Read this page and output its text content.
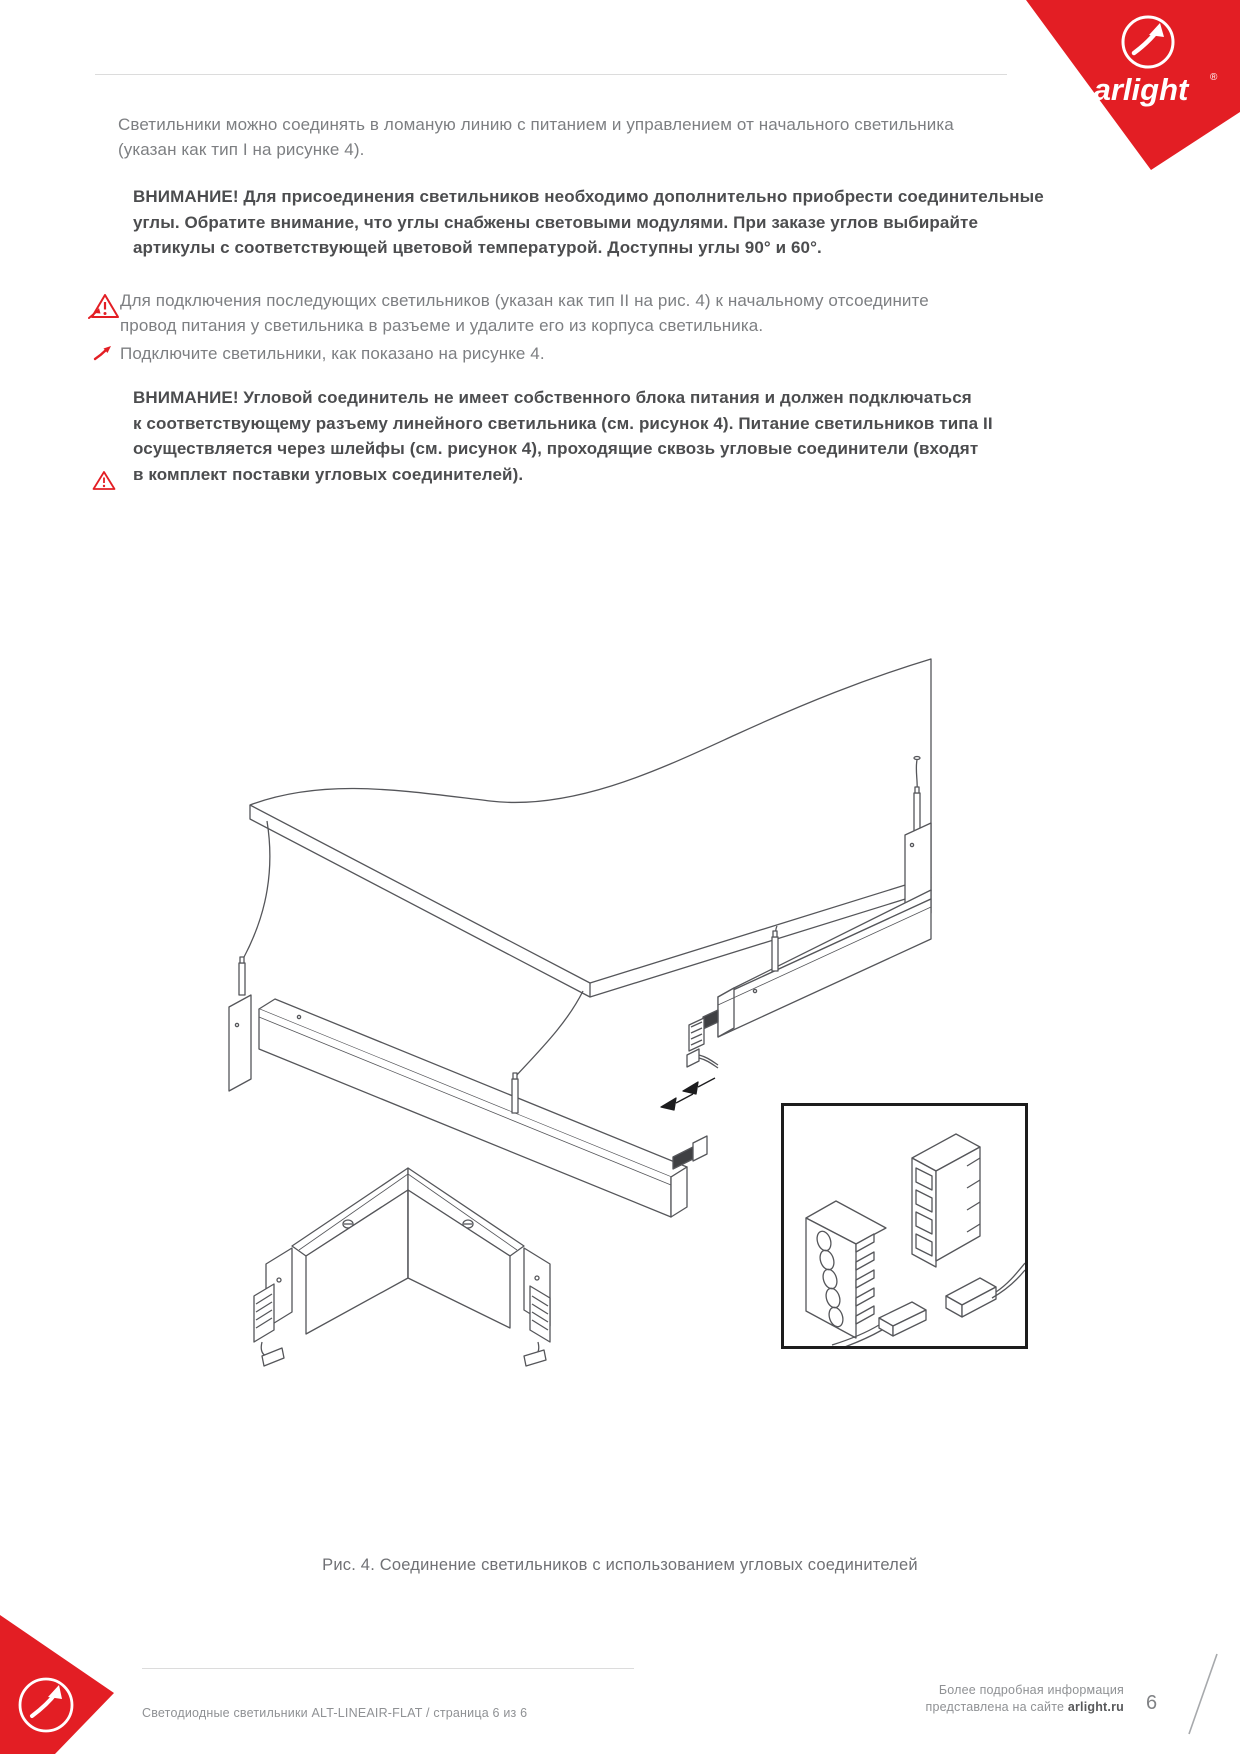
arlight ®
Светильники можно соединять в ломаную линию с питанием и управлением от начального светильника
(указан как тип I на рисунке 4).
ВНИМАНИЕ! Для присоединения светильников необходимо дополнительно приобрести соединительные
углы. Обратите внимание, что углы снабжены световыми модулями. При заказе углов выбирайте
артикулы с соответствующей цветовой температурой. Доступны углы 90° и 60°.
Для подключения последующих светильников (указан как тип II на рис. 4) к начальному отсоедините
провод питания у светильника в разъеме и удалите его из корпуса светильника.
Подключите светильники, как показано на рисунке 4.
ВНИМАНИЕ! Угловой соединитель не имеет собственного блока питания и должен подключаться
к соответствующему разъему линейного светильника (см. рисунок 4). Питание светильников типа II
осуществляется через шлейфы (см. рисунок 4), проходящие сквозь угловые соединители (входят
в комплект поставки угловых соединителей).
Рис. 4. Соединение светильников с использованием угловых соединителей
Светодиодные светильники ALT-LINEAIR-FLAT / страница 6 из 6
Более подробная информация
представлена на сайте arlight.ru 6
